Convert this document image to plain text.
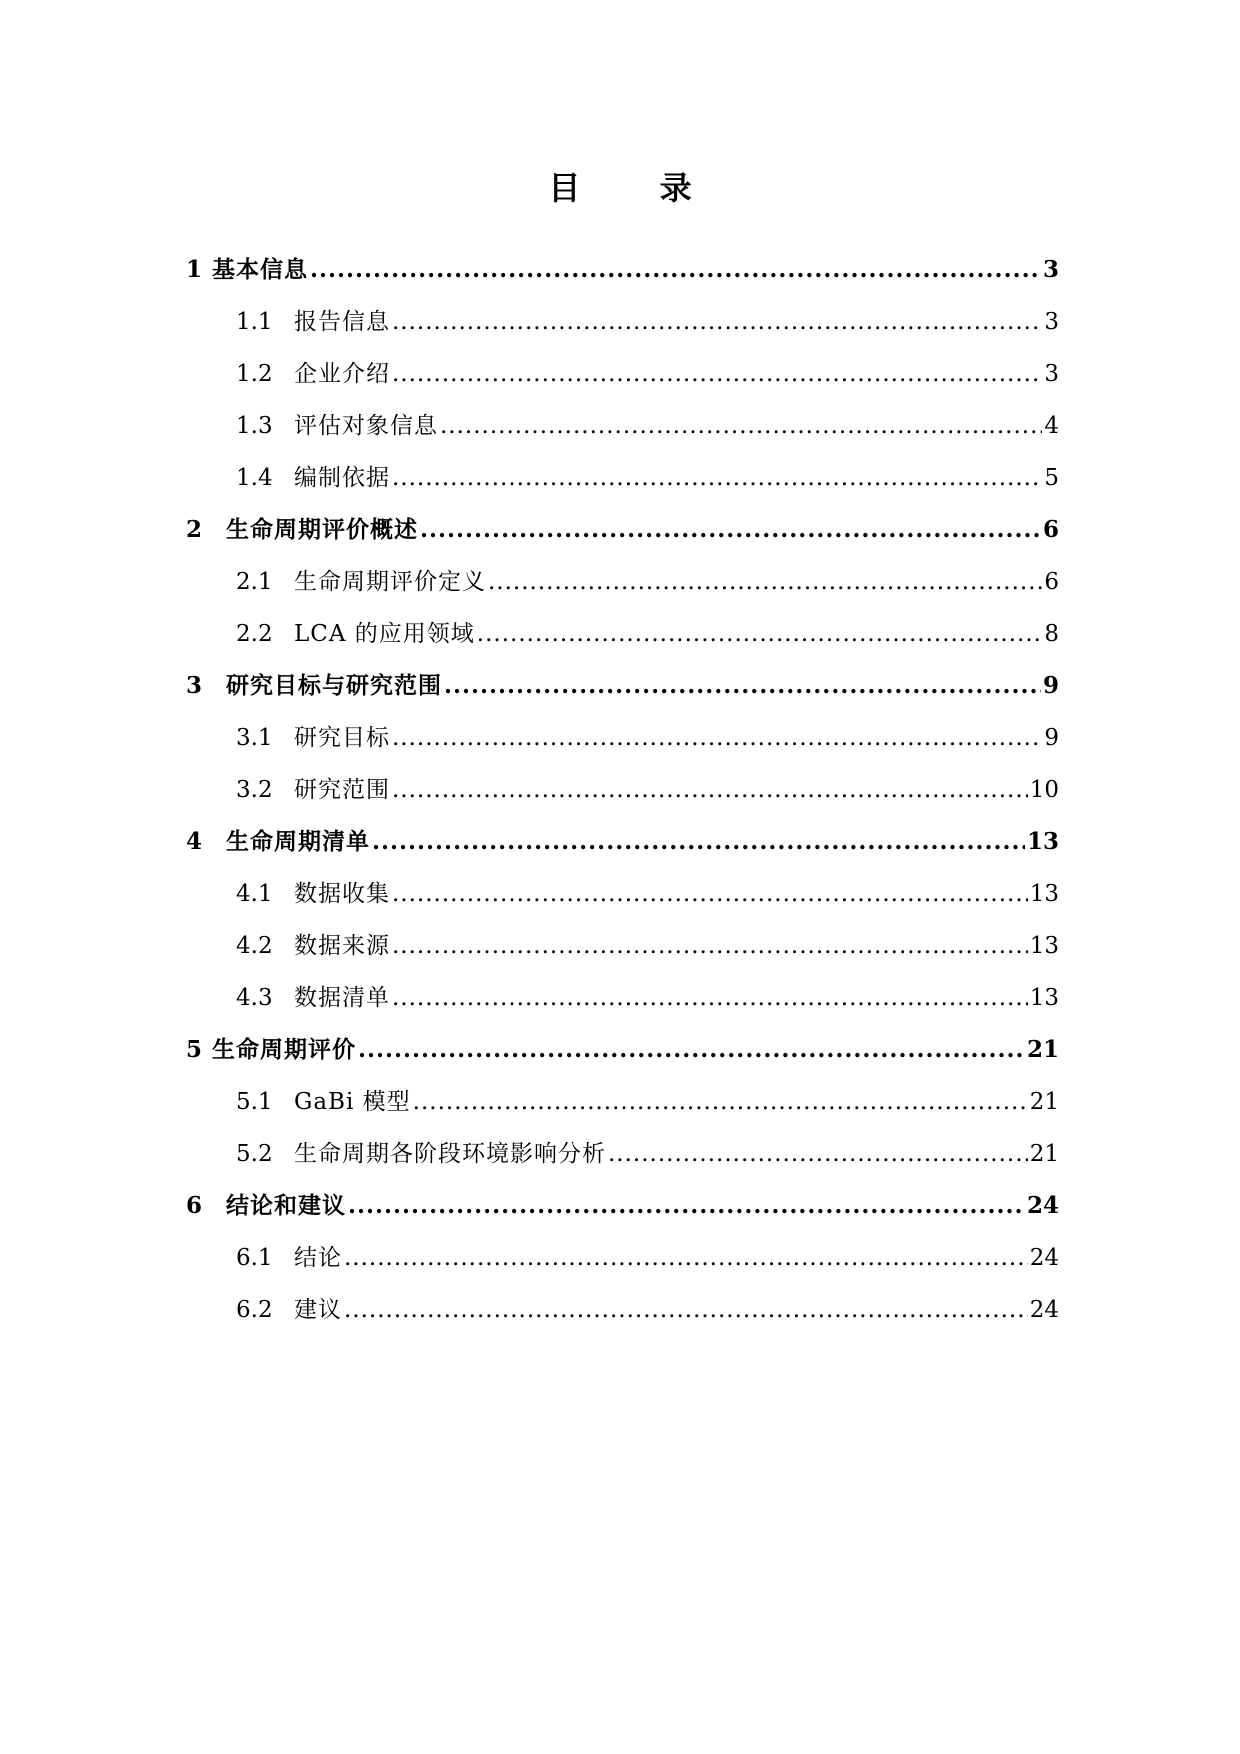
目 录
1 基本信息 .....	3
1.1 报告信息 .....	3
1.2 企业介绍 .....	3
1.3 评估对象信息 .....	4
1.4 编制依据 .....	5
2	生命周期评价概述 .....	6
2.1 生命周期评价定义 .....	6
2.2 LCA 的应用领域 .....	8
3	研究目标与研究范围 .....	9
3.1 研究目标 .....	9
3.2 研究范围 .....	10
4	生命周期清单 .....	13
4.1 数据收集 .....	13
4.2 数据来源 .....	13
4.3 数据清单 .....	13
5 生命周期评价 .....	21
5.1 GaBi 模型 .....	21
5.2 生命周期各阶段环境影响分析 .....	21
6	结论和建议 .....	24
6.1 结论 .....	24
6.2 建议 .....	24
